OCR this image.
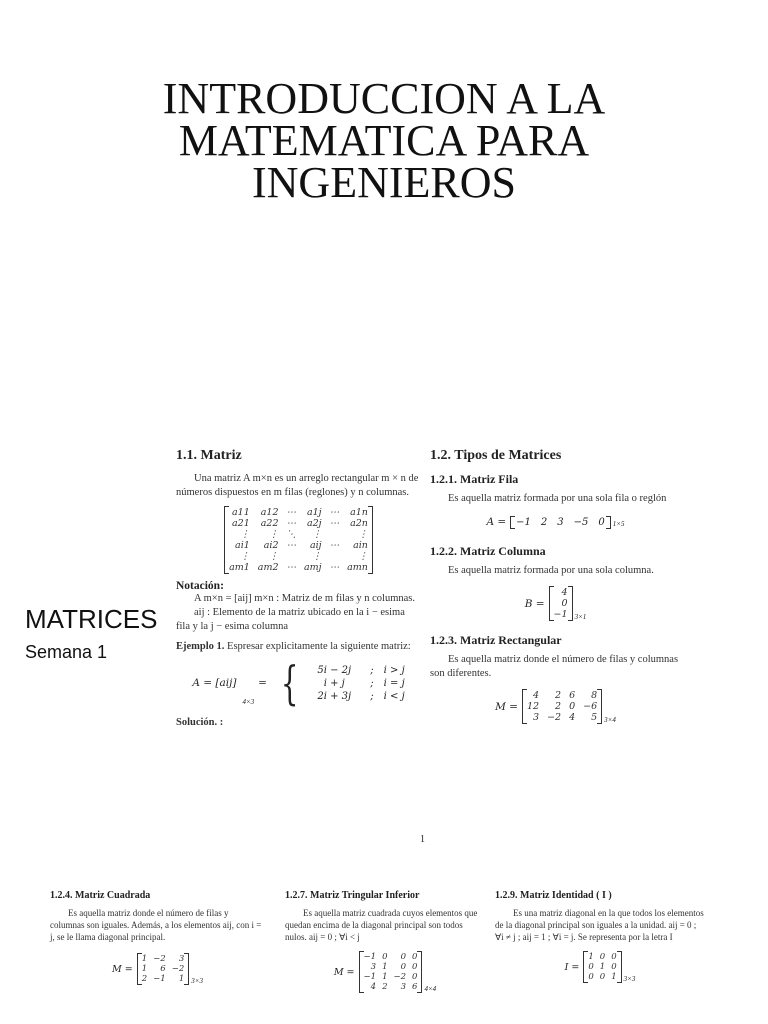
INTRODUCCION A LA
MATEMATICA PARA
INGENIEROS
MATRICES
Semana 1
1.1. Matriz

Una matriz A m×n es un arreglo rectangular m × n de números dispuestos en m filas (reglones) y n columnas.

a11	a12 ⋯	a1j ⋯	a1n
a21	a22 ⋯	a2j ⋯	a2n
⋮	⋮ ⋱	⋮	⋮
ai1	ai2 ⋯	aij ⋯	ain
⋮	⋮	⋮	⋮
am1 am2 ⋯ amj ⋯ amn
Notación:

A m×n = [aij] m×n : Matriz de m filas y n columnas.

aij : Elemento de la matriz ubicado en la i − esima fila y la j − esima columna

Ejemplo 1. Espresar explicitamente la siguiente matriz:

A = [aij]
4×3
= {	5i − 2j	; i > j
i + j	; i = j
2i + 3j	; i < j

Solución. :

1.2. Tipos de Matrices
1.2.1. Matriz Fila

Es aquella matriz formada por una sola fila o reglón

A = −1 2 3 −5 0 1×5
1.2.2. Matriz Columna

Es aquella matriz formada por una sola columna.

B =
4
0
−1 3×1
1.2.3. Matriz Rectangular

Es aquella matriz donde el número de filas y columnas son diferentes.

M =
4	2 6	8
12	2 0 −6
3 −2 4	5 3×4
1
1.2.4. Matriz Cuadrada

Es aquella matriz donde el número de filas y columnas son iguales. Además, a los elementos aij, con i = j, se le llama diagonal principal.

M =
1 −2	3
1	6 −2
2 −1	1 3×3
1.2.7. Matriz Tringular Inferior

Es aquella matriz cuadrada cuyos elementos que quedan encima de la diagonal principal son todos nulos. aij = 0 ; ∀i < j

M =
−1 0	0 0
3 1	0 0
−1 1 −2 0
4 2	3 6 4×4
1.2.9. Matriz Identidad ( I )

Es una matriz diagonal en la que todos los elementos de la diagonal principal son iguales a la unidad. aij = 0 ; ∀i ≠ j ; aij = 1 ; ∀i = j. Se representa por la letra I

I =
1 0 0
0 1 0
0 0 1 3×3
